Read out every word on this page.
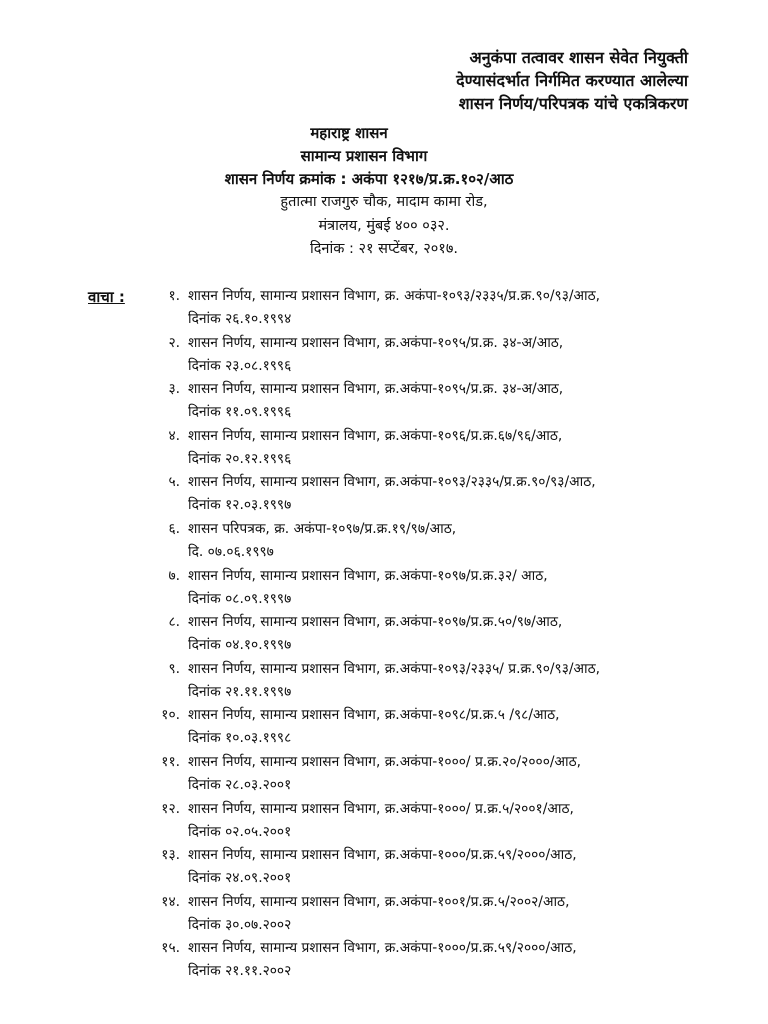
अनुकंपा तत्वावर शासन सेवेत नियुक्ती
देण्यासंदर्भात निर्गमित करण्यात आलेल्या
शासन निर्णय/परिपत्रक यांचे एकत्रिकरण
महाराष्ट्र शासन
सामान्य प्रशासन विभाग
शासन निर्णय क्रमांक : अकंपा १२१७/प्र.क्र.१०२/आठ
हुतात्मा राजगुरु चौक, मादाम कामा रोड,
मंत्रालय, मुंबई ४०० ०३२.
दिनांक : २१ सप्टेंबर, २०१७.
वाचा :	१. शासन निर्णय, सामान्य प्रशासन विभाग, क्र. अकंपा-१०९३/२३३५/प्र.क्र.९०/९३/आठ,
दिनांक २६.१०.१९९४
२. शासन निर्णय, सामान्य प्रशासन विभाग, क्र.अकंपा-१०९५/प्र.क्र. ३४-अ/आठ,
दिनांक २३.०८.१९९६
३. शासन निर्णय, सामान्य प्रशासन विभाग, क्र.अकंपा-१०९५/प्र.क्र. ३४-अ/आठ,
दिनांक ११.०९.१९९६
४. शासन निर्णय, सामान्य प्रशासन विभाग, क्र.अकंपा-१०९६/प्र.क्र.६७/९६/आठ,
दिनांक २०.१२.१९९६
५. शासन निर्णय, सामान्य प्रशासन विभाग, क्र.अकंपा-१०९३/२३३५/प्र.क्र.९०/९३/आठ,
दिनांक १२.०३.१९९७
६. शासन परिपत्रक, क्र. अकंपा-१०९७/प्र.क्र.१९/९७/आठ,
दि. ०७.०६.१९९७
७. शासन निर्णय, सामान्य प्रशासन विभाग, क्र.अकंपा-१०९७/प्र.क्र.३२/ आठ,
दिनांक ०८.०९.१९९७
८. शासन निर्णय, सामान्य प्रशासन विभाग, क्र.अकंपा-१०९७/प्र.क्र.५०/९७/आठ,
दिनांक ०४.१०.१९९७
९. शासन निर्णय, सामान्य प्रशासन विभाग, क्र.अकंपा-१०९३/२३३५/ प्र.क्र.९०/९३/आठ,
दिनांक २१.११.१९९७
१०. शासन निर्णय, सामान्य प्रशासन विभाग, क्र.अकंपा-१०९८/प्र.क्र.५ /९८/आठ,
दिनांक १०.०३.१९९८
११. शासन निर्णय, सामान्य प्रशासन विभाग, क्र.अकंपा-१०००/ प्र.क्र.२०/२०००/आठ,
दिनांक २८.०३.२००१
१२. शासन निर्णय, सामान्य प्रशासन विभाग, क्र.अकंपा-१०००/ प्र.क्र.५/२००१/आठ,
दिनांक ०२.०५.२००१
१३. शासन निर्णय, सामान्य प्रशासन विभाग, क्र.अकंपा-१०००/प्र.क्र.५९/२०००/आठ,
दिनांक २४.०९.२००१
१४. शासन निर्णय, सामान्य प्रशासन विभाग, क्र.अकंपा-१००१/प्र.क्र.५/२००२/आठ,
दिनांक ३०.०७.२००२
१५. शासन निर्णय, सामान्य प्रशासन विभाग, क्र.अकंपा-१०००/प्र.क्र.५९/२०००/आठ,
दिनांक २१.११.२००२
